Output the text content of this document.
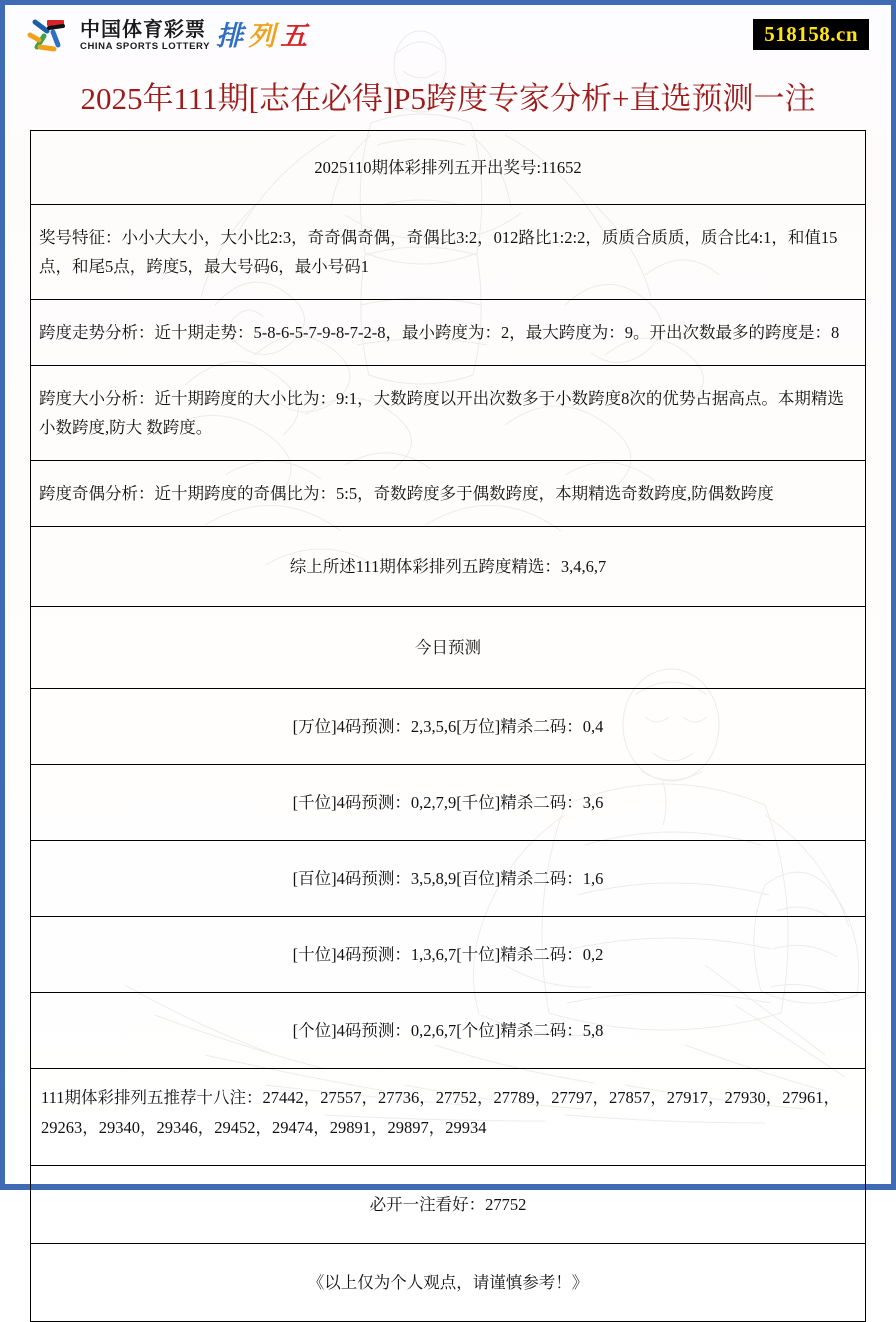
中国体育彩票
CHINA SPORTS LOTTERY 排 列 五	518158.cn
2025年111期[志在必得]P5跨度专家分析+直选预测一注
2025110期体彩排列五开出奖号:11652
奖号特征：小小大大小，大小比2:3，奇奇偶奇偶，奇偶比3:2，012路比1:2:2，质质合质质，质合比4:1，和值15点，和尾5点，跨度5，最大号码6，最小号码1
跨度走势分析：近十期走势：5-8-6-5-7-9-8-7-2-8，最小跨度为：2，最大跨度为：9。开出次数最多的跨度是：8
跨度大小分析：近十期跨度的大小比为：9:1，大数跨度以开出次数多于小数跨度8次的优势占据高点。本期精选小数跨度,防大 数跨度。
跨度奇偶分析：近十期跨度的奇偶比为：5:5，奇数跨度多于偶数跨度，本期精选奇数跨度,防偶数跨度
综上所述111期体彩排列五跨度精选：3,4,6,7
今日预测
[万位]4码预测：2,3,5,6[万位]精杀二码：0,4
[千位]4码预测：0,2,7,9[千位]精杀二码：3,6
[百位]4码预测：3,5,8,9[百位]精杀二码：1,6
[十位]4码预测：1,3,6,7[十位]精杀二码：0,2
[个位]4码预测：0,2,6,7[个位]精杀二码：5,8
111期体彩排列五推荐十八注：27442，27557，27736，27752，27789，27797，27857，27917，27930，27961，29263，29340，29346，29452，29474，29891，29897，29934
必开一注看好：27752
《以上仅为个人观点，请谨慎参考！》
